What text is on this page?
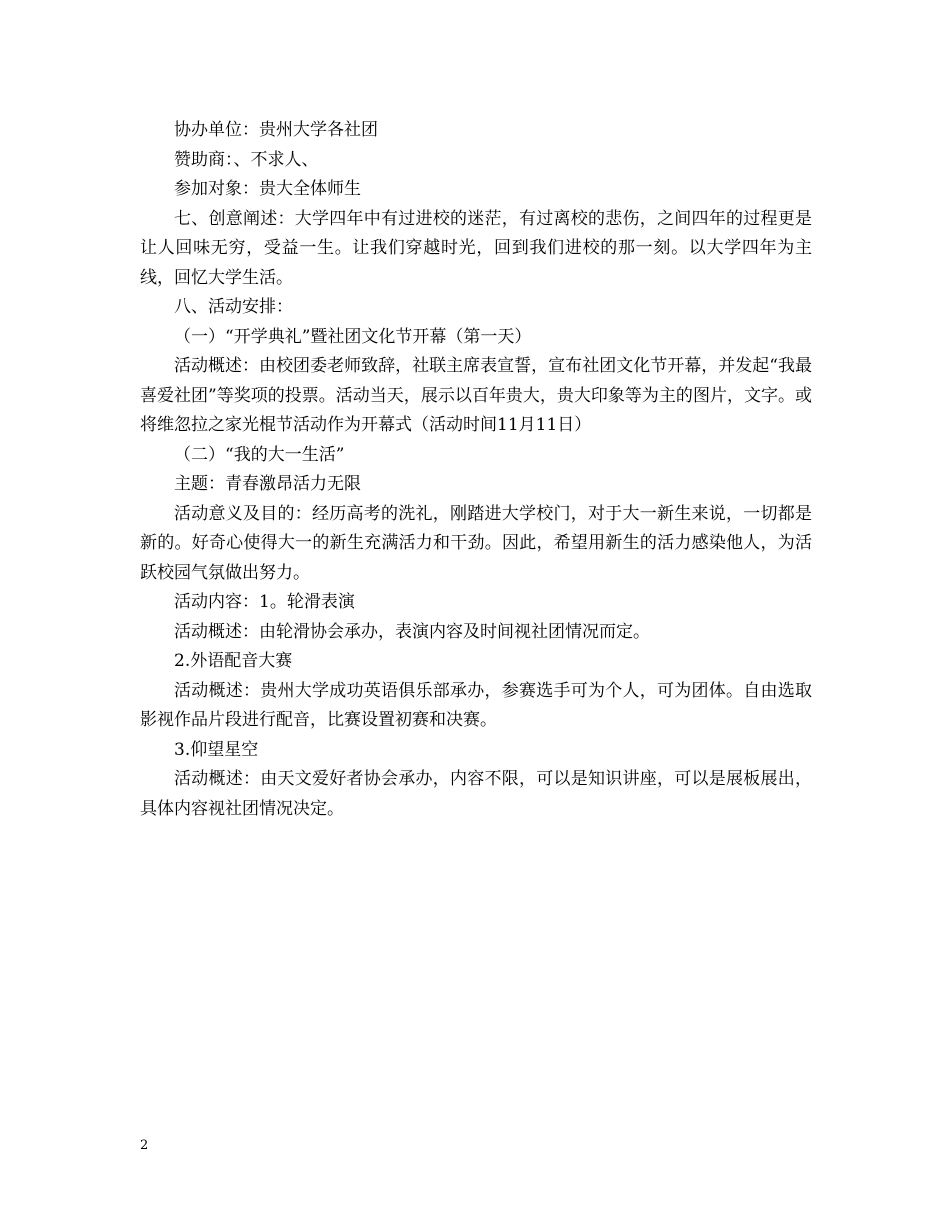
协办单位：贵州大学各社团

赞助商：、不求人、

参加对象：贵大全体师生

七、创意阐述：大学四年中有过进校的迷茫，有过离校的悲伤，之间四年的过程更是让人回味无穷，受益一生。让我们穿越时光，回到我们进校的那一刻。以大学四年为主线，回忆大学生活。

八、活动安排：

（一）“开学典礼”暨社团文化节开幕（第一天）

活动概述：由校团委老师致辞，社联主席表宣誓，宣布社团文化节开幕，并发起“我最喜爱社团”等奖项的投票。活动当天，展示以百年贵大，贵大印象等为主的图片，文字。或将维忽拉之家光棍节活动作为开幕式（活动时间11月11日）

（二）“我的大一生活”

主题：青春激昂活力无限

活动意义及目的：经历高考的洗礼，刚踏进大学校门，对于大一新生来说，一切都是新的。好奇心使得大一的新生充满活力和干劲。因此，希望用新生的活力感染他人，为活跃校园气氛做出努力。

活动内容：1。轮滑表演

活动概述：由轮滑协会承办，表演内容及时间视社团情况而定。

2.外语配音大赛

活动概述：贵州大学成功英语俱乐部承办，参赛选手可为个人，可为团体。自由选取影视作品片段进行配音，比赛设置初赛和决赛。

3.仰望星空

活动概述：由天文爱好者协会承办，内容不限，可以是知识讲座，可以是展板展出，具体内容视社团情况决定。

2
